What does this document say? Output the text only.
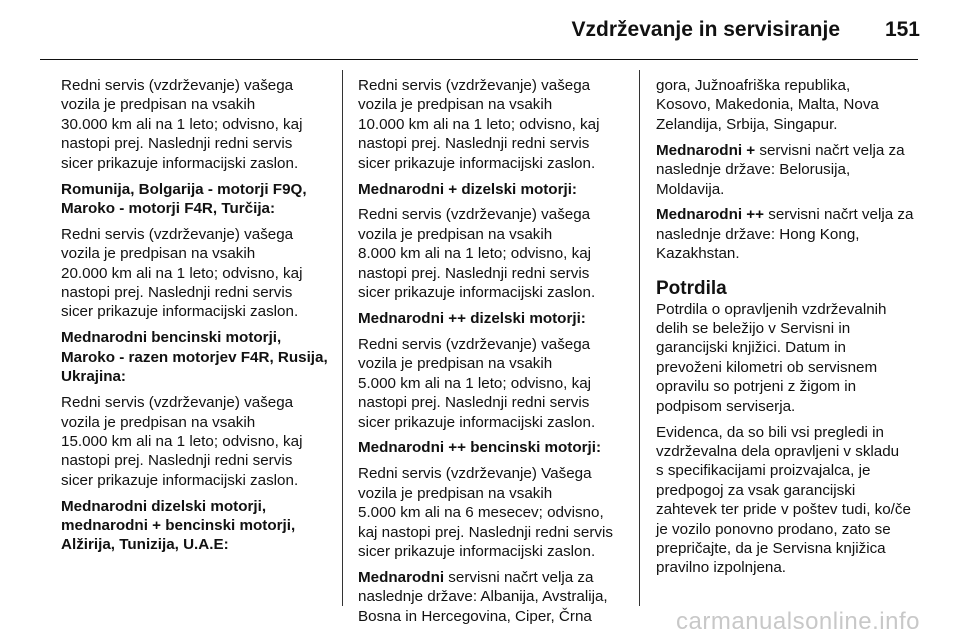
Vzdrževanje in servisiranje 151

Redni servis (vzdrževanje) vašega
vozila je predpisan na vsakih
30.000 km ali na 1 leto; odvisno, kaj
nastopi prej. Naslednji redni servis
sicer prikazuje informacijski zaslon.

Romunija, Bolgarija - motorji F9Q,
Maroko - motorji F4R, Turčija:

Redni servis (vzdrževanje) vašega
vozila je predpisan na vsakih
20.000 km ali na 1 leto; odvisno, kaj
nastopi prej. Naslednji redni servis
sicer prikazuje informacijski zaslon.

Mednarodni bencinski motorji,
Maroko - razen motorjev F4R, Rusija,
Ukrajina:

Redni servis (vzdrževanje) vašega
vozila je predpisan na vsakih
15.000 km ali na 1 leto; odvisno, kaj
nastopi prej. Naslednji redni servis
sicer prikazuje informacijski zaslon.

Mednarodni dizelski motorji,
mednarodni + bencinski motorji,
Alžirija, Tunizija, U.A.E:

Redni servis (vzdrževanje) vašega
vozila je predpisan na vsakih
10.000 km ali na 1 leto; odvisno, kaj
nastopi prej. Naslednji redni servis
sicer prikazuje informacijski zaslon.

Mednarodni + dizelski motorji:

Redni servis (vzdrževanje) vašega
vozila je predpisan na vsakih
8.000 km ali na 1 leto; odvisno, kaj
nastopi prej. Naslednji redni servis
sicer prikazuje informacijski zaslon.

Mednarodni ++ dizelski motorji:

Redni servis (vzdrževanje) vašega
vozila je predpisan na vsakih
5.000 km ali na 1 leto; odvisno, kaj
nastopi prej. Naslednji redni servis
sicer prikazuje informacijski zaslon.

Mednarodni ++ bencinski motorji:

Redni servis (vzdrževanje) Vašega
vozila je predpisan na vsakih
5.000 km ali na 6 mesecev; odvisno,
kaj nastopi prej. Naslednji redni servis
sicer prikazuje informacijski zaslon.

Mednarodni servisni načrt velja za
naslednje države: Albanija, Avstralija,
Bosna in Hercegovina, Ciper, Črna

gora, Južnoafriška republika,
Kosovo, Makedonia, Malta, Nova
Zelandija, Srbija, Singapur.

Mednarodni + servisni načrt velja za
naslednje države: Belorusija,
Moldavija.

Mednarodni ++ servisni načrt velja za
naslednje države: Hong Kong,
Kazakhstan.

Potrdila

Potrdila o opravljenih vzdrževalnih
delih se beležijo v Servisni in
garancijski knjižici. Datum in
prevoženi kilometri ob servisnem
opravilu so potrjeni z žigom in
podpisom serviserja.

Evidenca, da so bili vsi pregledi in
vzdrževalna dela opravljeni v skladu
s specifikacijami proizvajalca, je
predpogoj za vsak garancijski
zahtevek ter pride v poštev tudi, ko/če
je vozilo ponovno prodano, zato se
prepričajte, da je Servisna knjižica
pravilno izpolnjena.

carmanualsonline.info
